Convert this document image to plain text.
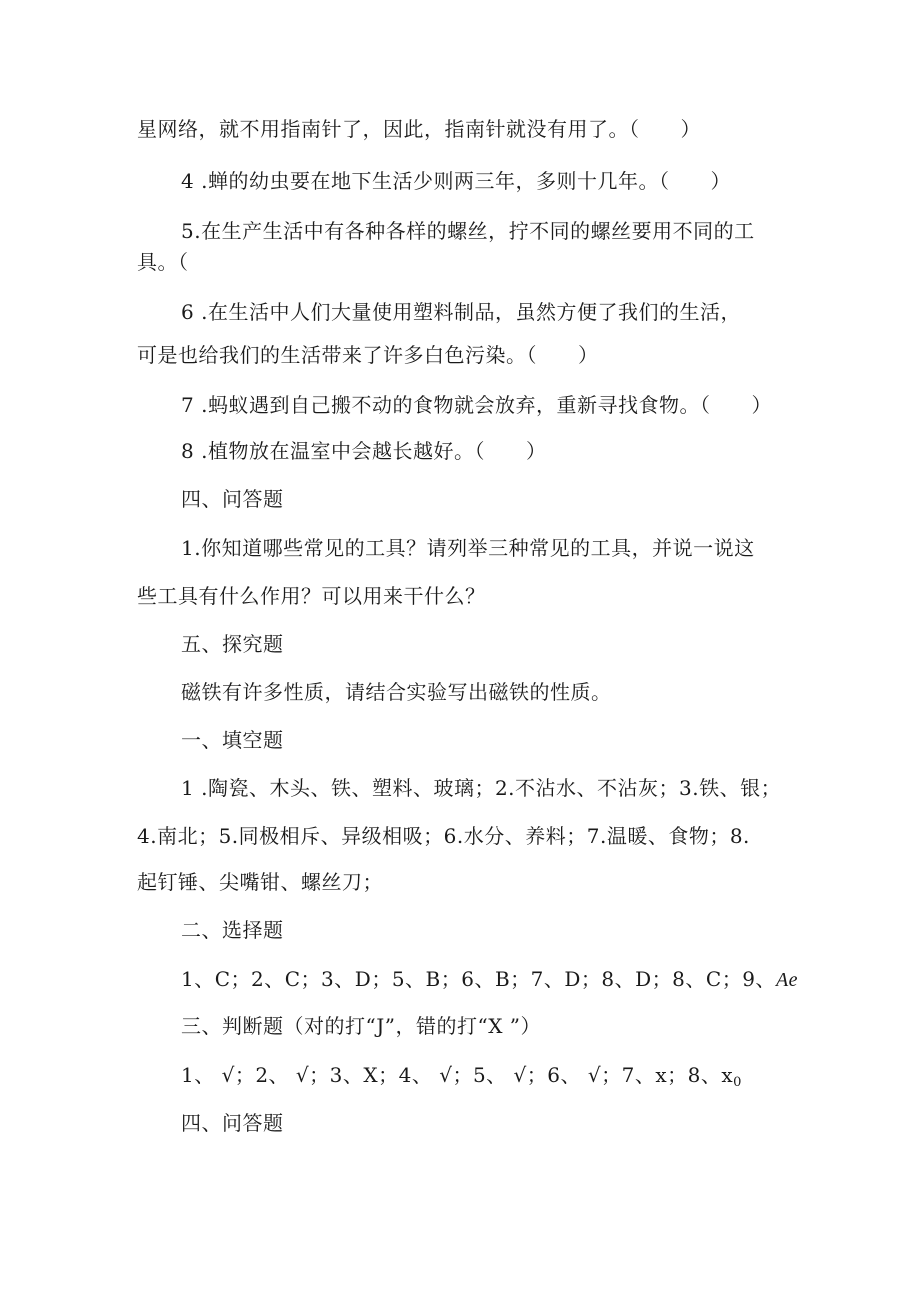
星网络，就不用指南针了，因此，指南针就没有用了。（　　）
4 .蝉的幼虫要在地下生活少则两三年，多则十几年。（　　）
5.在生产生活中有各种各样的螺丝，拧不同的螺丝要用不同的工
具。（
6 .在生活中人们大量使用塑料制品，虽然方便了我们的生活，
可是也给我们的生活带来了许多白色污染。（　　）
7 .蚂蚁遇到自己搬不动的食物就会放弃，重新寻找食物。（　　）
8 .植物放在温室中会越长越好。（　　）
四、问答题
1.你知道哪些常见的工具？请列举三种常见的工具，并说一说这
些工具有什么作用？可以用来干什么？
五、探究题
磁铁有许多性质，请结合实验写出磁铁的性质。
一、填空题
1 .陶瓷、木头、铁、塑料、玻璃；2.不沾水、不沾灰；3.铁、银；
4.南北；5.同极相斥、异级相吸；6.水分、养料；7.温暖、食物；8.
起钉锤、尖嘴钳、螺丝刀；
二、选择题
1、C；2、C；3、D；5、B；6、B；7、D；8、D；8、C；9、Ae
三、判断题（对的打“J”，错的打“X ”）
1、 √；2、 √；3、X；4、 √；5、 √；6、 √；7、x；8、$x_0$
四、问答题
